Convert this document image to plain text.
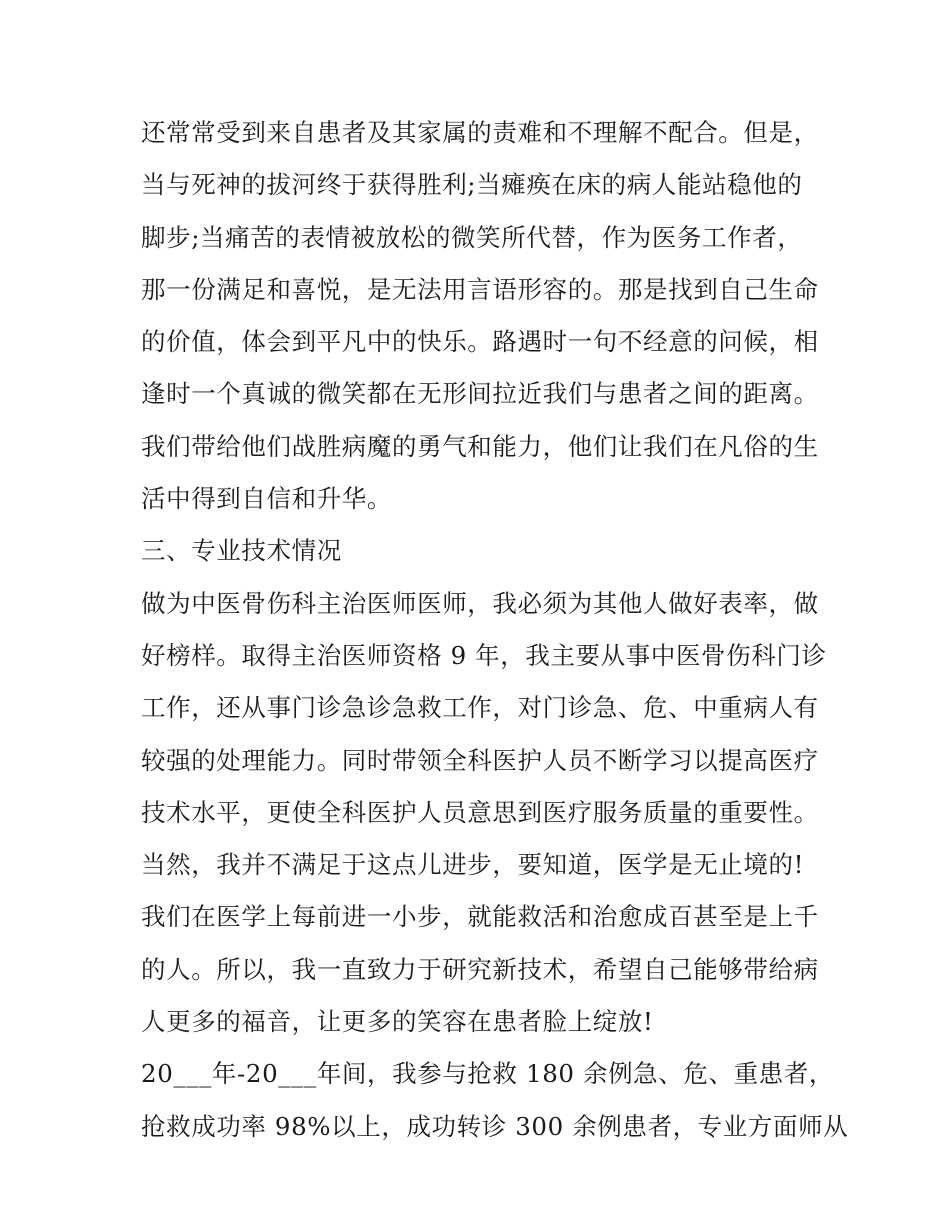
还常常受到来自患者及其家属的责难和不理解不配合。但是，
当与死神的拔河终于获得胜利;当瘫痪在床的病人能站稳他的
脚步;当痛苦的表情被放松的微笑所代替，作为医务工作者，
那一份满足和喜悦，是无法用言语形容的。那是找到自己生命
的价值，体会到平凡中的快乐。路遇时一句不经意的问候，相
逢时一个真诚的微笑都在无形间拉近我们与患者之间的距离。
我们带给他们战胜病魔的勇气和能力，他们让我们在凡俗的生
活中得到自信和升华。
三、专业技术情况
做为中医骨伤科主治医师医师，我必须为其他人做好表率，做
好榜样。取得主治医师资格 9 年，我主要从事中医骨伤科门诊
工作，还从事门诊急诊急救工作，对门诊急、危、中重病人有
较强的处理能力。同时带领全科医护人员不断学习以提高医疗
技术水平，更使全科医护人员意思到医疗服务质量的重要性。
当然，我并不满足于这点儿进步，要知道，医学是无止境的!
我们在医学上每前进一小步，就能救活和治愈成百甚至是上千
的人。所以，我一直致力于研究新技术，希望自己能够带给病
人更多的福音，让更多的笑容在患者脸上绽放!
20___年-20___年间，我参与抢救 180 余例急、危、重患者，
抢救成功率 98%以上，成功转诊 300 余例患者，专业方面师从
